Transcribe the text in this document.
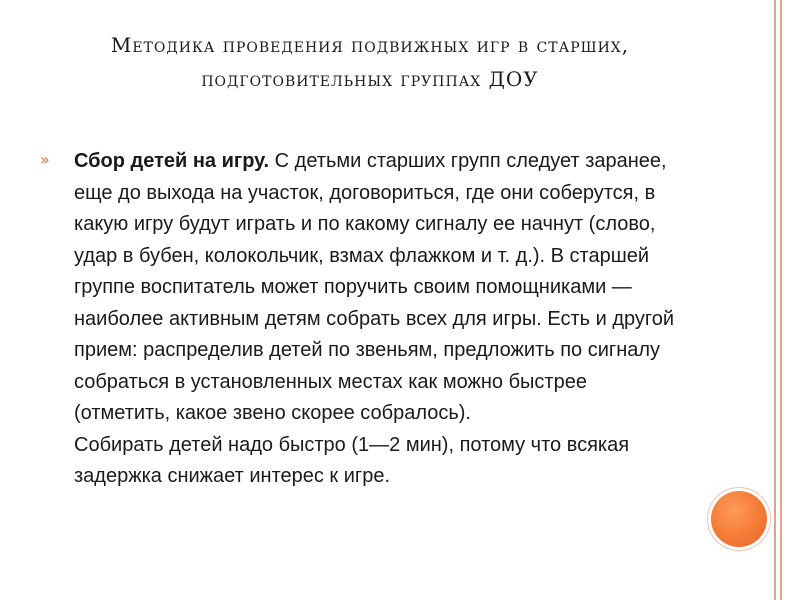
Методика проведения подвижных игр в старших, подготовительных группах ДОУ
» Сбор детей на игру. С детьми старших групп следует заранее, еще до выхода на участок, договориться, где они соберутся, в какую игру будут играть и по какому сигналу ее начнут (слово, удар в бубен, колокольчик, взмах флажком и т. д.). В старшей группе воспитатель может поручить своим помощниками — наиболее активным детям собрать всех для игры. Есть и другой прием: распределив детей по звеньям, предложить по сигналу собраться в установленных местах как можно быстрее (отметить, какое звено скорее собралось).
Собирать детей надо быстро (1—2 мин), потому что всякая задержка снижает интерес к игре.
